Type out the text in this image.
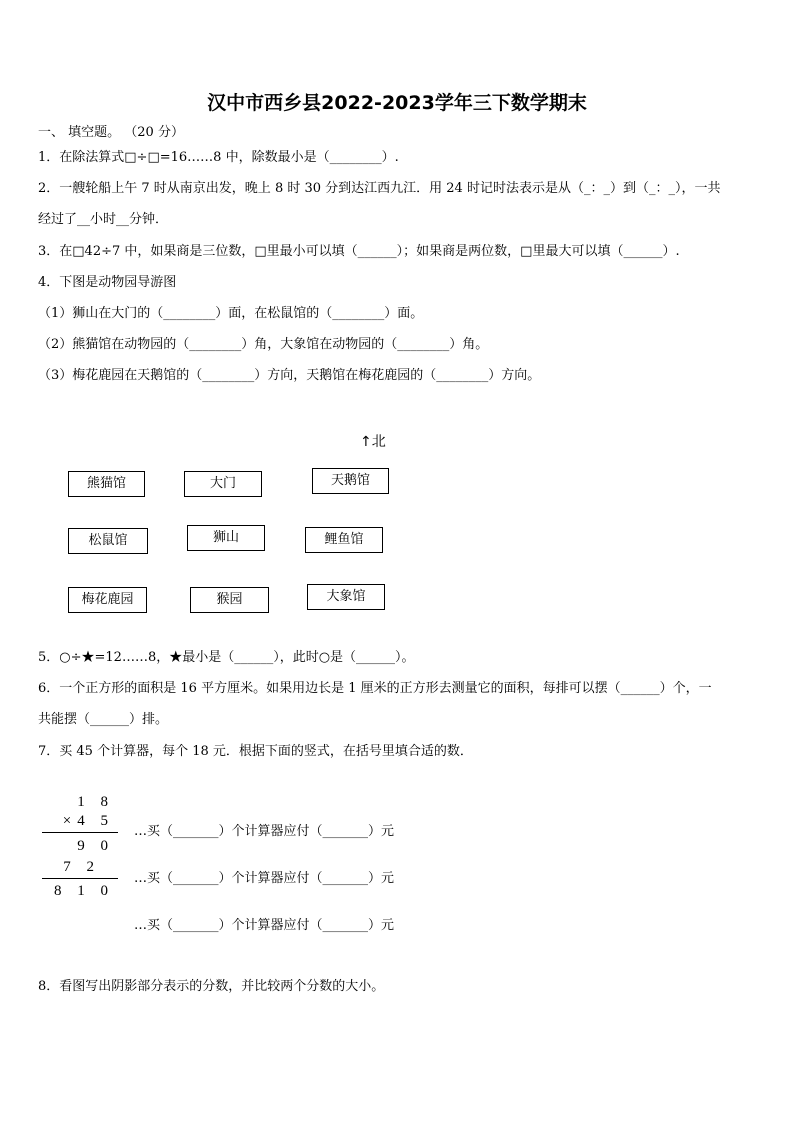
汉中市西乡县2022-2023学年三下数学期末
一、 填空题。 （20 分）
1．在除法算式□÷□=16……8 中，除数最小是（________）.
2．一艘轮船上午 7 时从南京出发，晚上 8 时 30 分到达江西九江．用 24 时记时法表示是从（_：_）到（_：_），一共
经过了__小时__分钟．
3．在□42÷7 中，如果商是三位数，□里最小可以填（______）；如果商是两位数，□里最大可以填（______）.
4．下图是动物园导游图
（1）狮山在大门的（________）面，在松鼠馆的（________）面。
（2）熊猫馆在动物园的（________）角，大象馆在动物园的（________）角。
（3）梅花鹿园在天鹅馆的（________）方向，天鹅馆在梅花鹿园的（________）方向。
↑北
熊猫馆	大门	天鹅馆
松鼠馆	狮山	鲤鱼馆
梅花鹿园	猴园	大象馆
5．○÷★=12……8，★最小是（______），此时○是（______）。
6．一个正方形的面积是 16 平方厘米。如果用边长是 1 厘米的正方形去测量它的面积，每排可以摆（______）个，一
共能摆（______）排。
7．买 45 个计算器，每个 18 元．根据下面的竖式，在括号里填合适的数．
1 8
×4 5
9 0
7 2
8 1 0
…买（_______）个计算器应付（_______）元
…买（_______）个计算器应付（_______）元
…买（_______）个计算器应付（_______）元
8．看图写出阴影部分表示的分数，并比较两个分数的大小。
